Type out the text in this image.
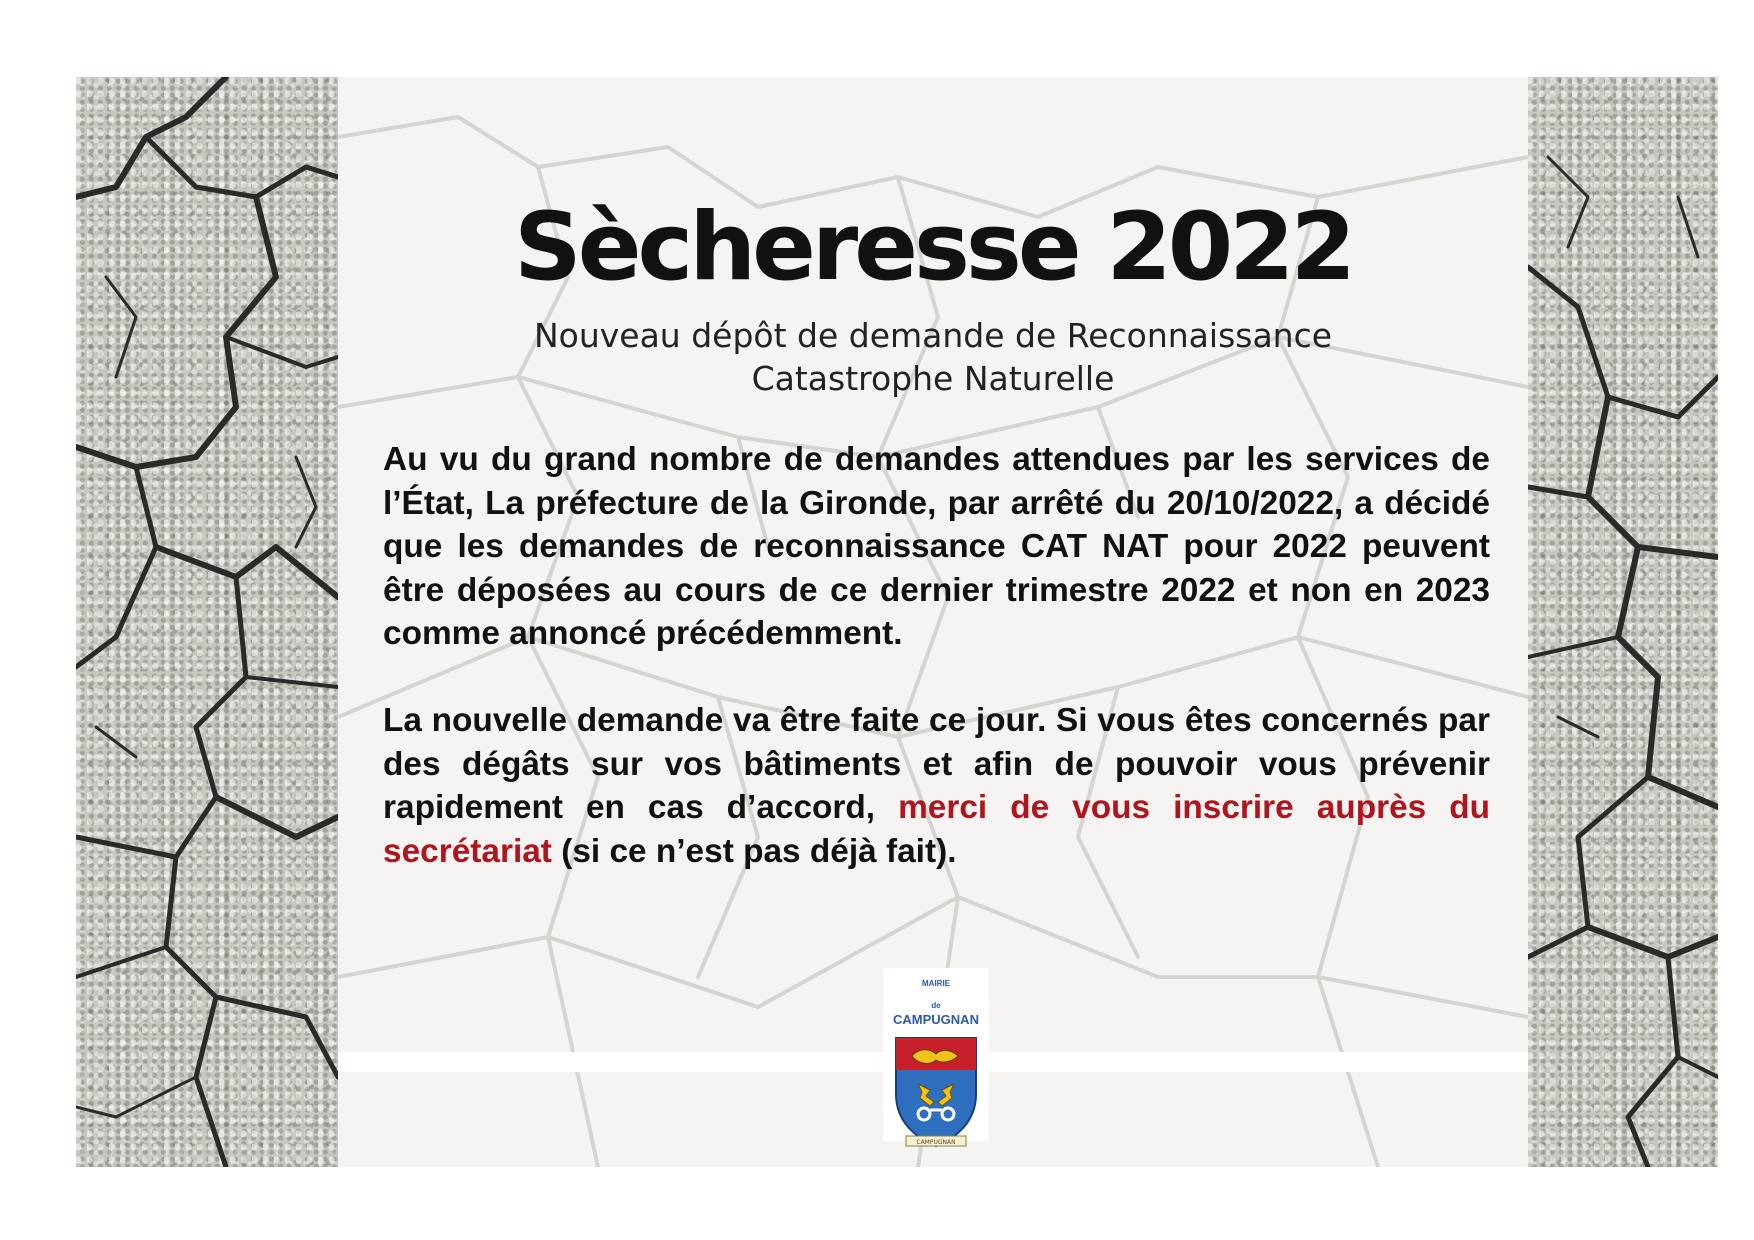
Sècheresse 2022
Nouveau dépôt de demande de Reconnaissance
Catastrophe Naturelle

Au vu du grand nombre de demandes attendues par les services de l’État, La préfecture de la Gironde, par arrêté du 20/10/2022, a décidé que les demandes de reconnaissance CAT NAT pour 2022 peuvent être déposées au cours de ce dernier trimestre 2022 et non en 2023 comme annoncé précédemment.

La nouvelle demande va être faite ce jour. Si vous êtes concernés par des dégâts sur vos bâtiments et afin de pouvoir vous prévenir rapidement en cas d’accord, merci de vous inscrire auprès du secrétariat (si ce n’est pas déjà fait).

MAIRIE
de
CAMPUGNAN
CAMPUGNAN
